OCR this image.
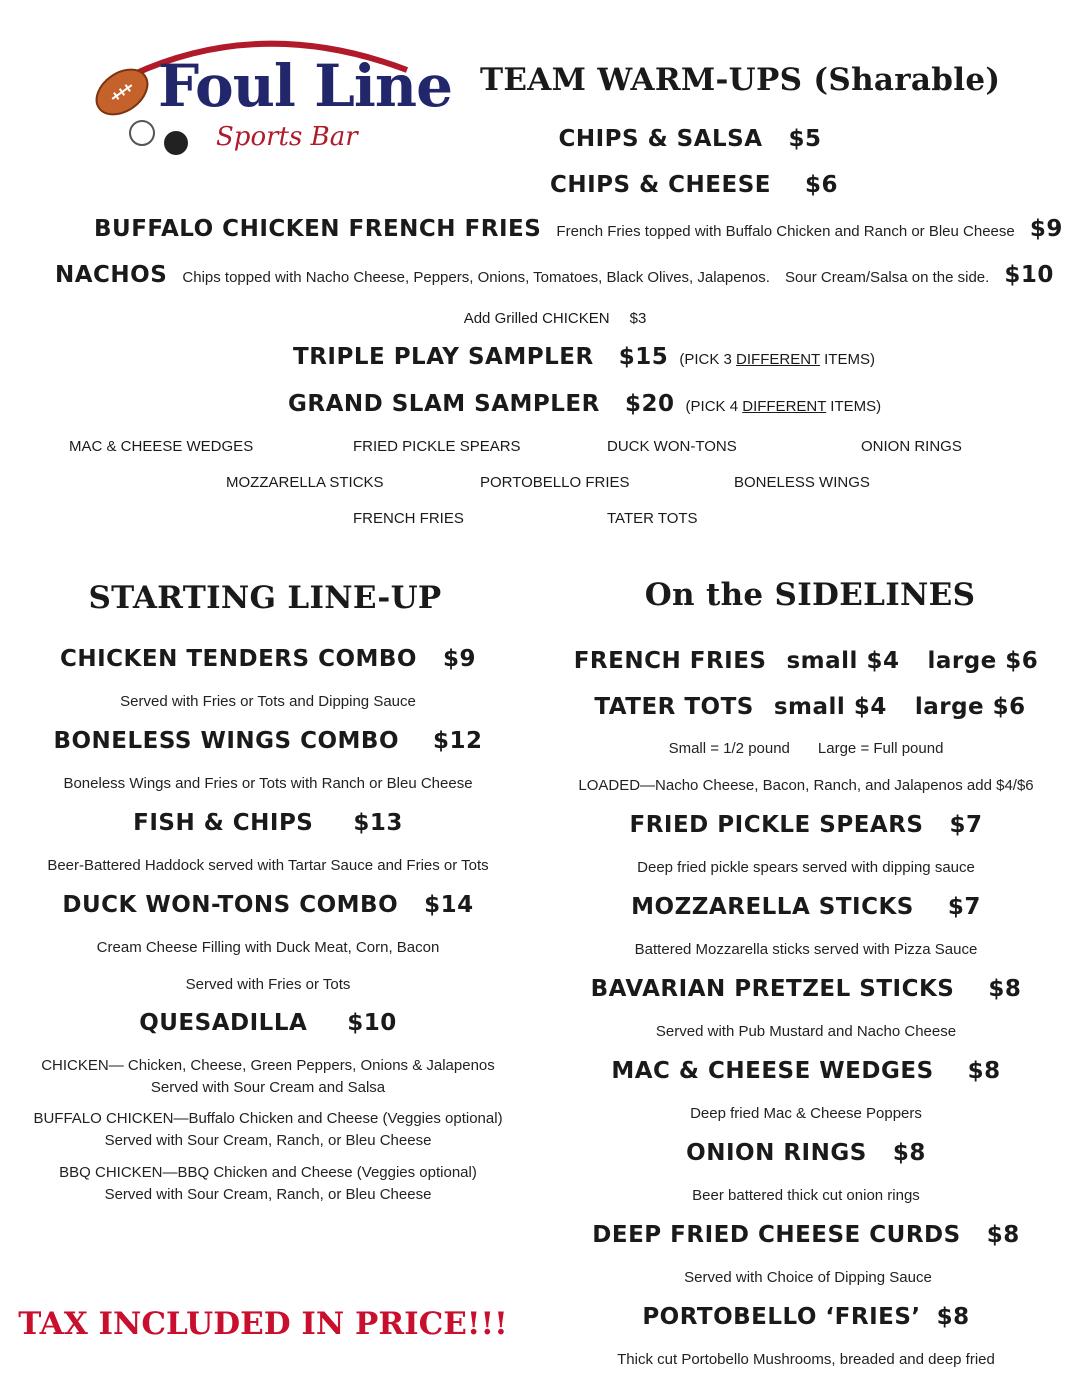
Foul Line
Sports Bar
TEAM WARM-UPS (Sharable)
CHIPS & SALSA $5
CHIPS & CHEESE $6
BUFFALO CHICKEN FRENCH FRIES French Fries topped with Buffalo Chicken and Ranch or Bleu Cheese $9
NACHOS Chips topped with Nacho Cheese, Peppers, Onions, Tomatoes, Black Olives, Jalapenos. Sour Cream/Salsa on the side. $10
Add Grilled CHICKEN $3
TRIPLE PLAY SAMPLER $15 (PICK 3 DIFFERENT ITEMS)
GRAND SLAM SAMPLER $20 (PICK 4 DIFFERENT ITEMS)
MAC & CHEESE WEDGES	FRIED PICKLE SPEARS	DUCK WON-TONS	ONION RINGS
MOZZARELLA STICKS	PORTOBELLO FRIES	BONELESS WINGS
FRENCH FRIES	TATER TOTS
STARTING LINE-UP
CHICKEN TENDERS COMBO $9
Served with Fries or Tots and Dipping Sauce
BONELESS WINGS COMBO $12
Boneless Wings and Fries or Tots with Ranch or Bleu Cheese
FISH & CHIPS $13
Beer-Battered Haddock served with Tartar Sauce and Fries or Tots
DUCK WON-TONS COMBO $14
Cream Cheese Filling with Duck Meat, Corn, Bacon
Served with Fries or Tots
QUESADILLA $10
CHICKEN— Chicken, Cheese, Green Peppers, Onions & Jalapenos
Served with Sour Cream and Salsa
BUFFALO CHICKEN—Buffalo Chicken and Cheese (Veggies optional)
Served with Sour Cream, Ranch, or Bleu Cheese
BBQ CHICKEN—BBQ Chicken and Cheese (Veggies optional)
Served with Sour Cream, Ranch, or Bleu Cheese
TAX INCLUDED IN PRICE!!!
On the SIDELINES
FRENCH FRIES small $4 large $6
TATER TOTS small $4 large $6
Small = 1/2 pound Large = Full pound
LOADED—Nacho Cheese, Bacon, Ranch, and Jalapenos add $4/$6
FRIED PICKLE SPEARS $7
Deep fried pickle spears served with dipping sauce
MOZZARELLA STICKS $7
Battered Mozzarella sticks served with Pizza Sauce
BAVARIAN PRETZEL STICKS $8
Served with Pub Mustard and Nacho Cheese
MAC & CHEESE WEDGES $8
Deep fried Mac & Cheese Poppers
ONION RINGS $8
Beer battered thick cut onion rings
DEEP FRIED CHEESE CURDS $8
Served with Choice of Dipping Sauce
PORTOBELLO ‘FRIES’ $8
Thick cut Portobello Mushrooms, breaded and deep fried
